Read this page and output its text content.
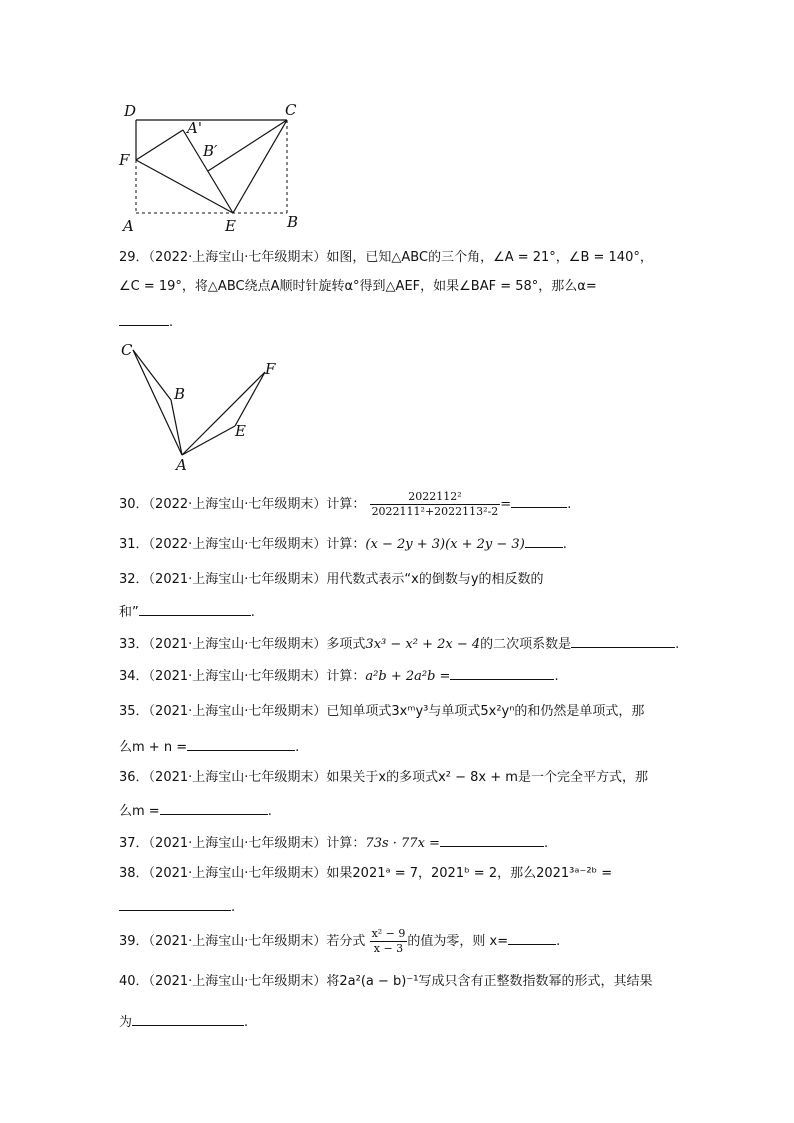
D	C
A'
B′
F
A	E	B
29．（2022·上海宝山·七年级期末）如图，已知△ABC的三个角，∠A = 21°，∠B = 140°，
∠C = 19°，将△ABC绕点A顺时针旋转α°得到△AEF，如果∠BAF = 58°，那么α=
.
C
B
F
E
A
30．（2022·上海宝山·七年级期末）计算： $\frac{\text{2022112²}}{\text{2022111²+2022113²-2}}$ =	.
31．（2022·上海宝山·七年级期末）计算：(x − 2y + 3)(x + 2y − 3)	.
32．（2021·上海宝山·七年级期末）用代数式表示“x的倒数与y的相反数的
和”	.
33．（2021·上海宝山·七年级期末）多项式3x³ − x² + 2x − 4的二次项系数是	.
34．（2021·上海宝山·七年级期末）计算：a²b + 2a²b =	.
35．（2021·上海宝山·七年级期末）已知单项式3xᵐy³与单项式5x²yⁿ的和仍然是单项式，那
么m + n =	.
36．（2021·上海宝山·七年级期末）如果关于x的多项式x² − 8x + m是一个完全平方式，那
么m =	.
37．（2021·上海宝山·七年级期末）计算：73s · 77x =	.
38．（2021·上海宝山·七年级期末）如果2021ᵃ = 7，2021ᵇ = 2，那么2021³ᵃ⁻²ᵇ =
.
39．（2021·上海宝山·七年级期末）若分式 $\frac{\text{x² − 9}}{x - 3}$ 的值为零，则 x=	.
40．（2021·上海宝山·七年级期末）将2a²(a − b)⁻¹写成只含有正整数指数幂的形式，其结果
为	.
